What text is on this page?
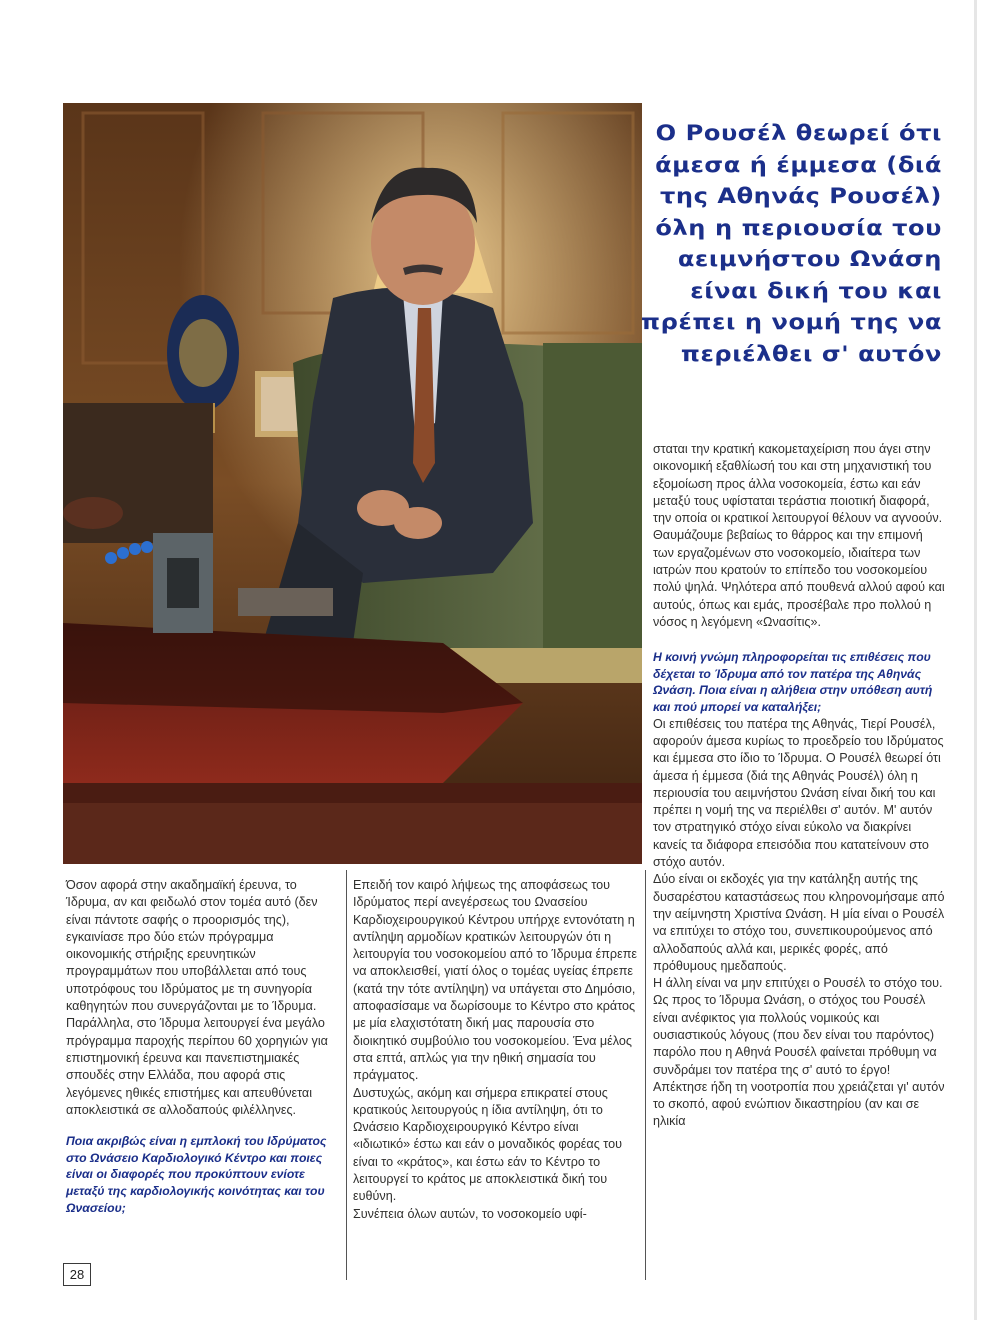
Ο Ρουσέλ θεωρεί ότι άμεσα ή έμμεσα (διά της Αθηνάς Ρουσέλ) όλη η περιουσία του αειμνήστου Ωνάση είναι δική του και πρέπει η νομή της να περιέλθει σ' αυτόν

Όσον αφορά στην ακαδημαϊκή έρευνα, το Ίδρυμα, αν και φειδωλό στον τομέα αυτό (δεν είναι πάντοτε σαφής ο προορισμός της), εγκαινίασε προ δύο ετών πρόγραμμα οικονομικής στήριξης ερευνητικών προγραμμάτων που υποβάλλεται από τους υποτρόφους του Ιδρύματος με τη συνηγορία καθηγητών που συνεργάζονται με το Ίδρυμα.

Παράλληλα, στο Ίδρυμα λειτουργεί ένα μεγάλο πρόγραμμα παροχής περίπου 60 χορηγιών για επιστημονική έρευνα και πανεπιστημιακές σπουδές στην Ελλάδα, που αφορά στις λεγόμενες ηθικές επιστήμες και απευθύνεται αποκλειστικά σε αλλοδαπούς φιλέλληνες.

Ποια ακριβώς είναι η εμπλοκή του Ιδρύματος στο Ωνάσειο Καρδιολογικό Κέντρο και ποιες είναι οι διαφορές που προκύπτουν ενίοτε μεταξύ της καρδιολογικής κοινότητας και του Ωνασείου;

Επειδή τον καιρό λήψεως της αποφάσεως του Ιδρύματος περί ανεγέρσεως του Ωνασείου Καρδιοχειρουργικού Κέντρου υπήρχε εντονότατη η αντίληψη αρμοδίων κρατικών λειτουργών ότι η λειτουργία του νοσοκομείου από το Ίδρυμα έπρεπε να αποκλεισθεί, γιατί όλος ο τομέας υγείας έπρεπε (κατά την τότε αντίληψη) να υπάγεται στο Δημόσιο, αποφασίσαμε να δωρίσουμε το Κέντρο στο κράτος με μία ελαχιστότατη δική μας παρουσία στο διοικητικό συμβούλιο του νοσοκομείου. Ένα μέλος στα επτά, απλώς για την ηθική σημασία του πράγματος.

Δυστυχώς, ακόμη και σήμερα επικρατεί στους κρατικούς λειτουργούς η ίδια αντίληψη, ότι το Ωνάσειο Καρδιοχειρουργικό Κέντρο είναι «ιδιωτικό» έστω και εάν ο μοναδικός φορέας του είναι το «κράτος», και έστω εάν το Κέντρο το λειτουργεί το κράτος με αποκλειστικά δική του ευθύνη.

Συνέπεια όλων αυτών, το νοσοκομείο υφί-

σταται την κρατική κακομεταχείριση που άγει στην οικονομική εξαθλίωσή του και στη μηχανιστική του εξομοίωση προς άλλα νοσοκομεία, έστω και εάν μεταξύ τους υφίσταται τεράστια ποιοτική διαφορά, την οποία οι κρατικοί λειτουργοί θέλουν να αγνοούν.

Θαυμάζουμε βεβαίως το θάρρος και την επιμονή των εργαζομένων στο νοσοκομείο, ιδιαίτερα των ιατρών που κρατούν το επίπεδο του νοσοκομείου πολύ ψηλά. Ψηλότερα από πουθενά αλλού αφού και αυτούς, όπως και εμάς, προσέβαλε προ πολλού η νόσος η λεγόμενη «Ωνασίτις».

Η κοινή γνώμη πληροφορείται τις επιθέσεις που δέχεται το Ίδρυμα από τον πατέρα της Αθηνάς Ωνάση. Ποια είναι η αλήθεια στην υπόθεση αυτή και πού μπορεί να καταλήξει;

Οι επιθέσεις του πατέρα της Αθηνάς, Τιερί Ρουσέλ, αφορούν άμεσα κυρίως το προεδρείο του Ιδρύματος και έμμεσα στο ίδιο το Ίδρυμα. Ο Ρουσέλ θεωρεί ότι άμεσα ή έμμεσα (διά της Αθηνάς Ρουσέλ) όλη η περιουσία του αειμνήστου Ωνάση είναι δική του και πρέπει η νομή της να περιέλθει σ' αυτόν. Μ' αυτόν τον στρατηγικό στόχο είναι εύκολο να διακρίνει κανείς τα διάφορα επεισόδια που κατατείνουν στο στόχο αυτόν.

Δύο είναι οι εκδοχές για την κατάληξη αυτής της δυσαρέστου καταστάσεως που κληρονομήσαμε από την αείμνηστη Χριστίνα Ωνάση. Η μία είναι ο Ρουσέλ να επιτύχει το στόχο του, συνεπικουρούμενος από αλλοδαπούς αλλά και, μερικές φορές, από πρόθυμους ημεδαπούς.

Η άλλη είναι να μην επιτύχει ο Ρουσέλ το στόχο του.

Ως προς το Ίδρυμα Ωνάση, ο στόχος του Ρουσέλ είναι ανέφικτος για πολλούς νομικούς και ουσιαστικούς λόγους (που δεν είναι του παρόντος) παρόλο που η Αθηνά Ρουσέλ φαίνεται πρόθυμη να συνδράμει τον πατέρα της σ' αυτό το έργο! Απέκτησε ήδη τη νοοτροπία που χρειάζεται γι' αυτόν το σκοπό, αφού ενώπιον δικαστηρίου (αν και σε ηλικία

28
